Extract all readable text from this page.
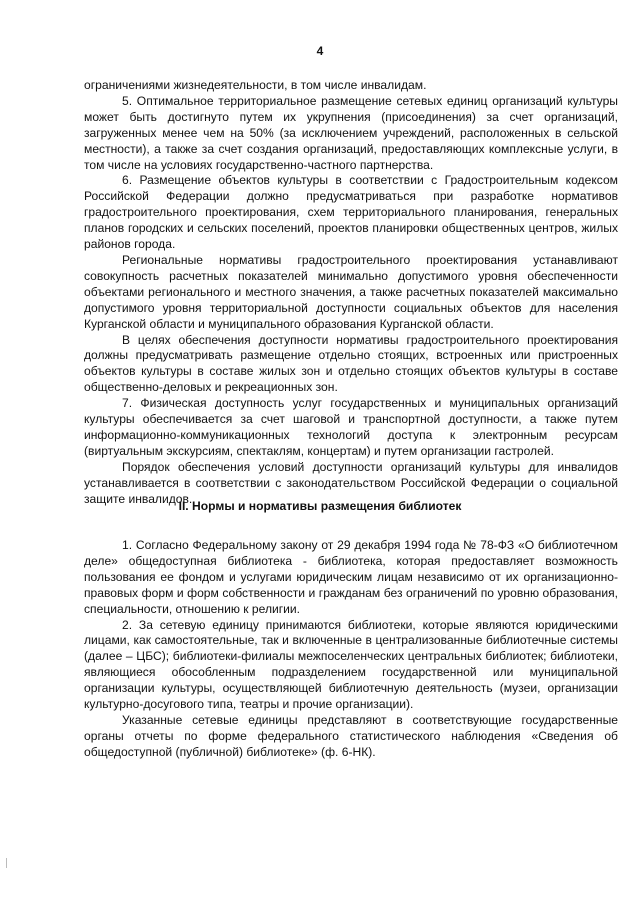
4

ограничениями жизнедеятельности, в том числе инвалидам.

5. Оптимальное территориальное размещение сетевых единиц организаций культуры может быть достигнуто путем их укрупнения (присоединения) за счет организаций, загруженных менее чем на 50% (за исключением учреждений, расположенных в сельской местности), а также за счет создания организаций, предоставляющих комплексные услуги, в том числе на условиях государственно-частного партнерства.

6. Размещение объектов культуры в соответствии с Градостроительным кодексом Российской Федерации должно предусматриваться при разработке нормативов градостроительного проектирования, схем территориального планирования, генеральных планов городских и сельских поселений, проектов планировки общественных центров, жилых районов города.

Региональные нормативы градостроительного проектирования устанавливают совокупность расчетных показателей минимально допустимого уровня обеспеченности объектами регионального и местного значения, а также расчетных показателей максимально допустимого уровня территориальной доступности социальных объектов для населения Курганской области и муниципального образования Курганской области.

В целях обеспечения доступности нормативы градостроительного проектирования должны предусматривать размещение отдельно стоящих, встроенных или пристроенных объектов культуры в составе жилых зон и отдельно стоящих объектов культуры в составе общественно-деловых и рекреационных зон.

7. Физическая доступность услуг государственных и муниципальных организаций культуры обеспечивается за счет шаговой и транспортной доступности, а также путем информационно-коммуникационных технологий доступа к электронным ресурсам (виртуальным экскурсиям, спектаклям, концертам) и путем организации гастролей.

Порядок обеспечения условий доступности организаций культуры для инвалидов устанавливается в соответствии с законодательством Российской Федерации о социальной защите инвалидов.

II. Нормы и нормативы размещения библиотек

1. Согласно Федеральному закону от 29 декабря 1994 года № 78-ФЗ «О библиотечном деле» общедоступная библиотека - библиотека, которая предоставляет возможность пользования ее фондом и услугами юридическим лицам независимо от их организационно-правовых форм и форм собственности и гражданам без ограничений по уровню образования, специальности, отношению к религии.

2. За сетевую единицу принимаются библиотеки, которые являются юридическими лицами, как самостоятельные, так и включенные в централизованные библиотечные системы (далее – ЦБС); библиотеки-филиалы межпоселенческих центральных библиотек; библиотеки, являющиеся обособленным подразделением государственной или муниципальной организации культуры, осуществляющей библиотечную деятельность (музеи, организации культурно-досугового типа, театры и прочие организации).

Указанные сетевые единицы представляют в соответствующие государственные органы отчеты по форме федерального статистического наблюдения «Сведения об общедоступной (публичной) библиотеке» (ф. 6-НК).
